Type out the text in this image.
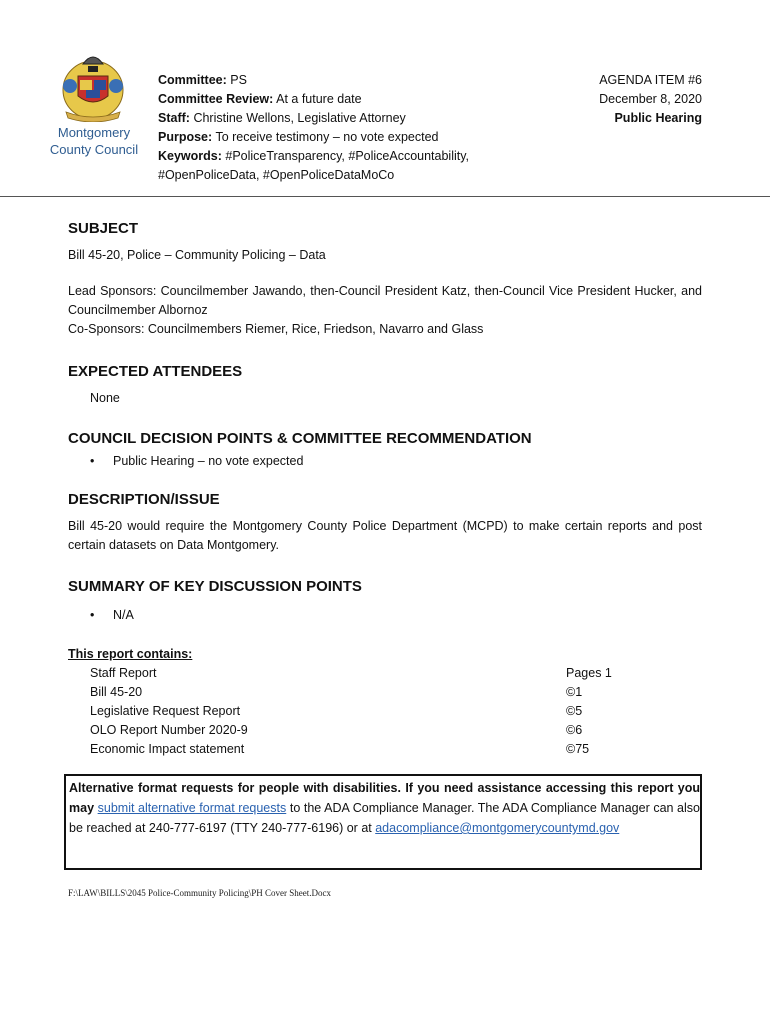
Montgomery
County Council
Committee: PS
Committee Review: At a future date
Staff: Christine Wellons, Legislative Attorney
Purpose: To receive testimony – no vote expected
Keywords: #PoliceTransparency, #PoliceAccountability,
#OpenPoliceData, #OpenPoliceDataMoCo
AGENDA ITEM #6
December 8, 2020
Public Hearing
SUBJECT

Bill 45-20, Police – Community Policing – Data

Lead Sponsors: Councilmember Jawando, then-Council President Katz, then-Council Vice President Hucker, and Councilmember Albornoz

Co-Sponsors: Councilmembers Riemer, Rice, Friedson, Navarro and Glass

EXPECTED ATTENDEES

None

COUNCIL DECISION POINTS & COMMITTEE RECOMMENDATION
• Public Hearing – no vote expected
DESCRIPTION/ISSUE

Bill 45-20 would require the Montgomery County Police Department (MCPD) to make certain reports and post certain datasets on Data Montgomery.

SUMMARY OF KEY DISCUSSION POINTS
• N/A
This report contains:
Staff Report	Pages 1
Bill 45-20	©1
Legislative Request Report	©5
OLO Report Number 2020-9	©6
Economic Impact statement	©75
Alternative format requests for people with disabilities. If you need assistance accessing this report you may submit alternative format requests to the ADA Compliance Manager. The ADA Compliance Manager can also be reached at 240-777-6197 (TTY 240-777-6196) or at adacompliance@montgomerycountymd.gov
F:\LAW\BILLS\2045 Police-Community Policing\PH Cover Sheet.Docx
